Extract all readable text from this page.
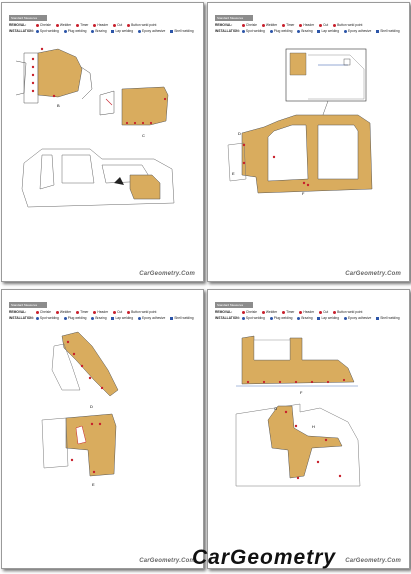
Standard Measures
REMOVAL:	Cheisle	Weldter	Timer	Header	Cut	Button weld point
INSTALLATION: Spot welding	Plug welding	Brazing	Lap welding	Epoxy adhesive	Shell welding
B
C
CarGeometry.Com
Standard Measures
REMOVAL:	Cheisle	Weldter	Timer	Header	Cut	Button weld point
INSTALLATION: Spot welding	Plug welding	Brazing	Lap welding	Epoxy adhesive	Shell welding
D
E
F
CarGeometry.Com
Standard Measures
REMOVAL:	Cheisle	Weldter	Timer	Header	Cut	Button weld point
INSTALLATION: Spot welding	Plug welding	Brazing	Lap welding	Epoxy adhesive	Shell welding
D
E
CarGeometry.Com
Standard Measures
REMOVAL:	Cheisle	Weldter	Timer	Header	Cut	Button weld point
INSTALLATION: Spot welding	Plug welding	Brazing	Lap welding	Epoxy adhesive	Shell welding
F
G
H
CarGeometry.Com
CarGeometry
